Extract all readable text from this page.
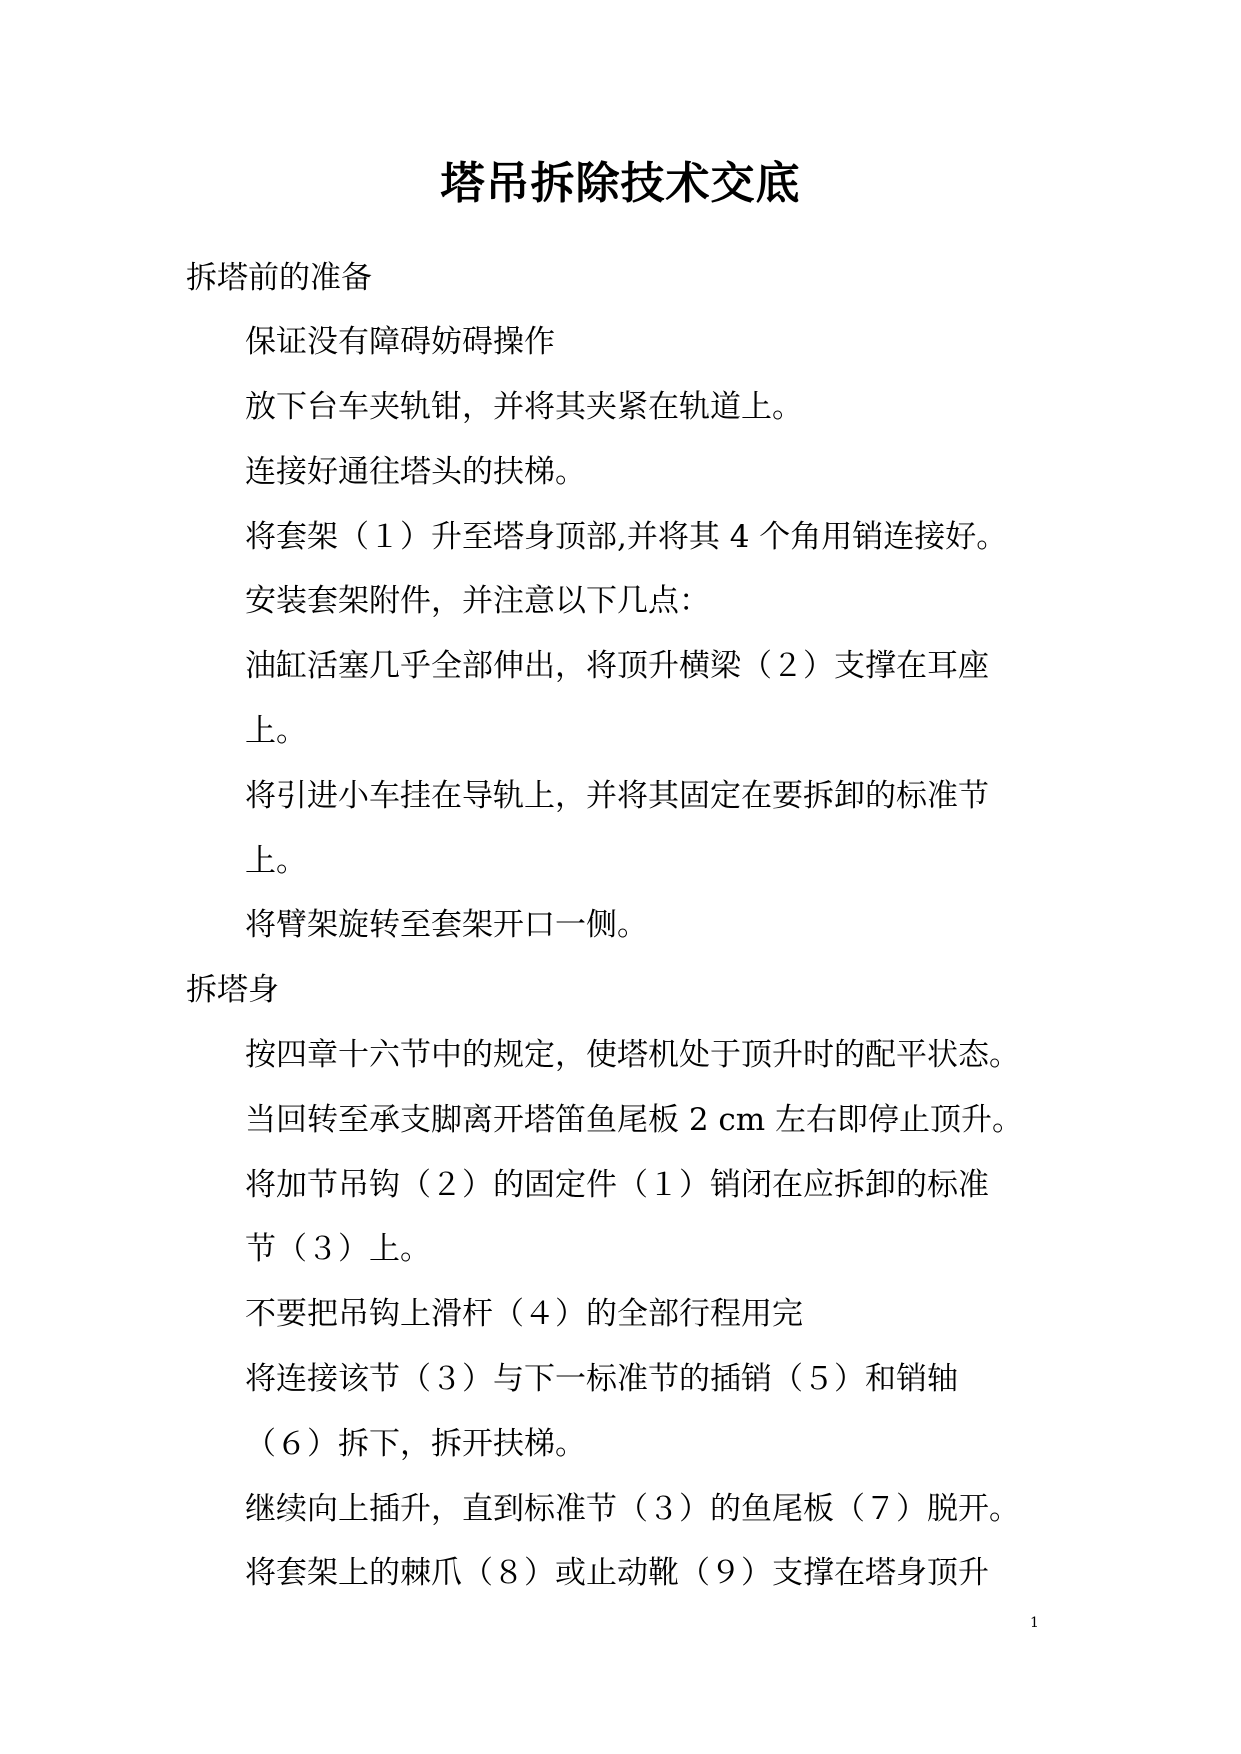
塔吊拆除技术交底

拆塔前的准备

保证没有障碍妨碍操作

放下台车夹轨钳，并将其夹紧在轨道上。

连接好通往塔头的扶梯。

将套架（１）升至塔身顶部,并将其 4 个角用销连接好。

安装套架附件，并注意以下几点：

油缸活塞几乎全部伸出，将顶升横梁（２）支撑在耳座

上。

将引进小车挂在导轨上，并将其固定在要拆卸的标准节

上。

将臂架旋转至套架开口一侧。

拆塔身

按四章十六节中的规定，使塔机处于顶升时的配平状态。

当回转至承支脚离开塔笛鱼尾板 2 cm 左右即停止顶升。

将加节吊钩（２）的固定件（１）销闭在应拆卸的标准

节（３）上。

不要把吊钩上滑杆（４）的全部行程用完

将连接该节（３）与下一标准节的插销（５）和销轴

（６）拆下，拆开扶梯。

继续向上插升，直到标准节（３）的鱼尾板（７）脱开。

将套架上的棘爪（８）或止动靴（９）支撑在塔身顶升

1
